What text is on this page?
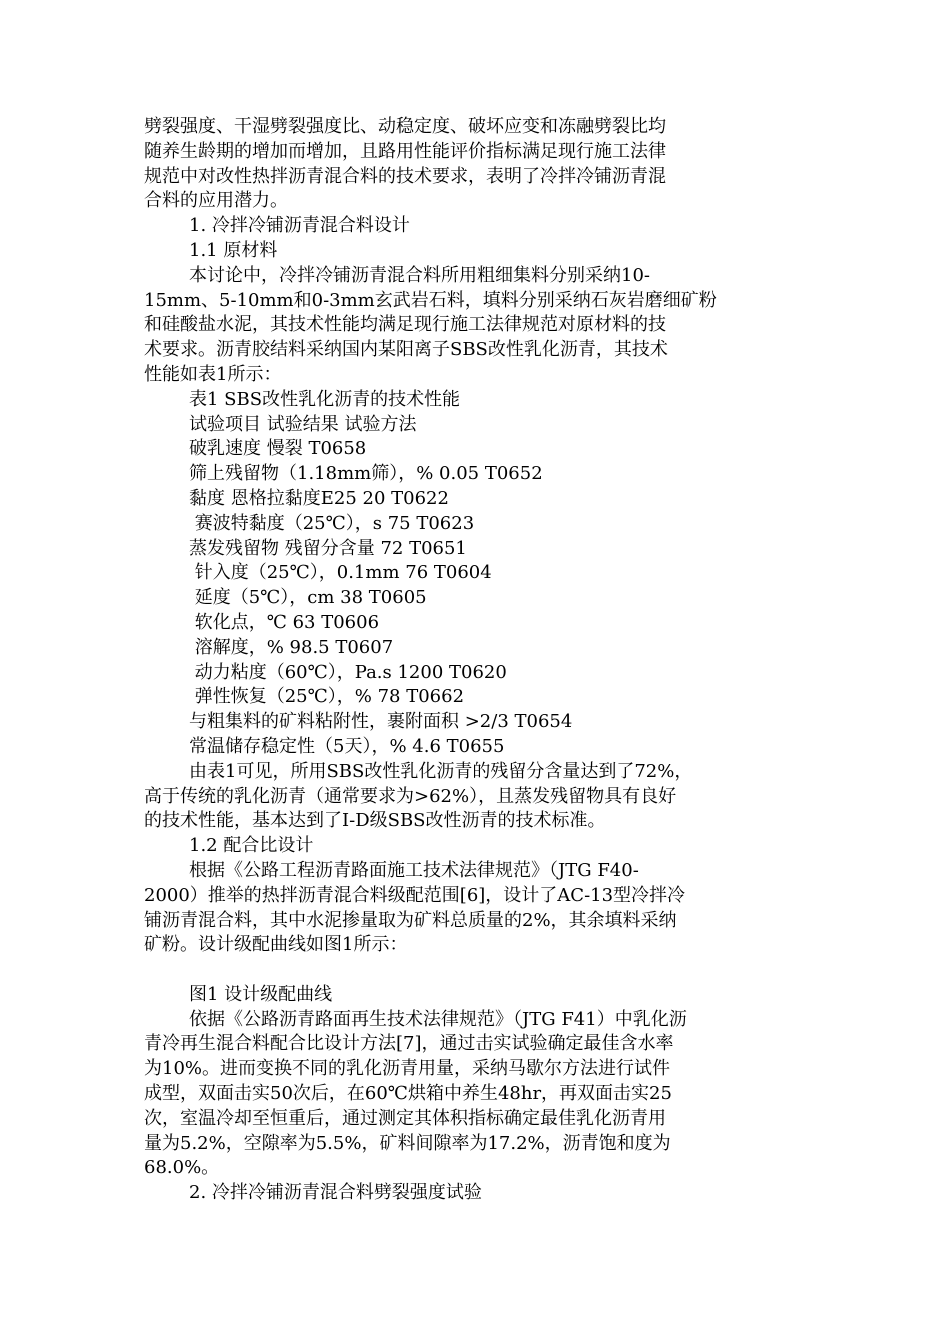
劈裂强度、干湿劈裂强度比、动稳定度、破坏应变和冻融劈裂比均
随养生龄期的增加而增加，且路用性能评价指标满足现行施工法律
规范中对改性热拌沥青混合料的技术要求，表明了冷拌冷铺沥青混
合料的应用潜力。
1. 冷拌冷铺沥青混合料设计
1.1 原材料
本讨论中，冷拌冷铺沥青混合料所用粗细集料分别采纳10-
15mm、5-10mm和0-3mm玄武岩石料，填料分别采纳石灰岩磨细矿粉
和硅酸盐水泥，其技术性能均满足现行施工法律规范对原材料的技
术要求。沥青胶结料采纳国内某阳离子SBS改性乳化沥青，其技术
性能如表1所示：
表1 SBS改性乳化沥青的技术性能
试验项目 试验结果 试验方法
破乳速度 慢裂 T0658
筛上残留物（1.18mm筛），% 0.05 T0652
黏度 恩格拉黏度E25 20 T0622
赛波特黏度（25℃），s 75 T0623
蒸发残留物 残留分含量 72 T0651
针入度（25℃），0.1mm 76 T0604
延度（5℃），cm 38 T0605
软化点，℃ 63 T0606
溶解度，% 98.5 T0607
动力粘度（60℃），Pa.s 1200 T0620
弹性恢复（25℃），% 78 T0662
与粗集料的矿料粘附性，裹附面积 >2/3 T0654
常温储存稳定性（5天），% 4.6 T0655
由表1可见，所用SBS改性乳化沥青的残留分含量达到了72%，
高于传统的乳化沥青（通常要求为>62%），且蒸发残留物具有良好
的技术性能，基本达到了I-D级SBS改性沥青的技术标准。
1.2 配合比设计
根据《公路工程沥青路面施工技术法律规范》（JTG F40-
2000）推举的热拌沥青混合料级配范围[6]，设计了AC-13型冷拌冷
铺沥青混合料，其中水泥掺量取为矿料总质量的2%，其余填料采纳
矿粉。设计级配曲线如图1所示：
图1 设计级配曲线
依据《公路沥青路面再生技术法律规范》（JTG F41）中乳化沥
青冷再生混合料配合比设计方法[7]，通过击实试验确定最佳含水率
为10%。进而变换不同的乳化沥青用量，采纳马歇尔方法进行试件
成型，双面击实50次后，在60℃烘箱中养生48hr，再双面击实25
次，室温冷却至恒重后，通过测定其体积指标确定最佳乳化沥青用
量为5.2%，空隙率为5.5%，矿料间隙率为17.2%，沥青饱和度为
68.0%。
2. 冷拌冷铺沥青混合料劈裂强度试验
